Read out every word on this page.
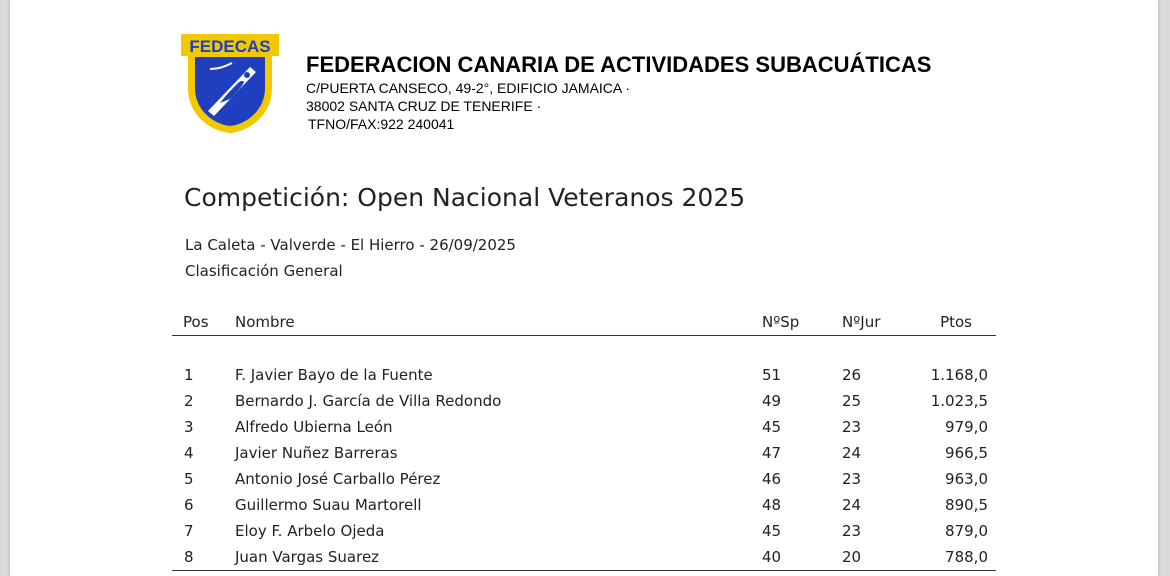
FEDECAS
FEDERACION CANARIA DE ACTIVIDADES SUBACUÁTICAS
C/PUERTA CANSECO, 49-2°, EDIFICIO JAMAICA ·
38002 SANTA CRUZ DE TENERIFE ·
TFNO/FAX:922 240041
Competición: Open Nacional Veteranos 2025
La Caleta - Valverde - El Hierro - 26/09/2025
Clasificación General
Pos Nombre	NºSp	NºJur	Ptos
1	F. Javier Bayo de la Fuente	51	26	1.168,0
2	Bernardo J. García de Villa Redondo	49	25	1.023,5
3	Alfredo Ubierna León	45	23	979,0
4	Javier Nuñez Barreras	47	24	966,5
5	Antonio José Carballo Pérez	46	23	963,0
6	Guillermo Suau Martorell	48	24	890,5
7	Eloy F. Arbelo Ojeda	45	23	879,0
8	Juan Vargas Suarez	40	20	788,0
